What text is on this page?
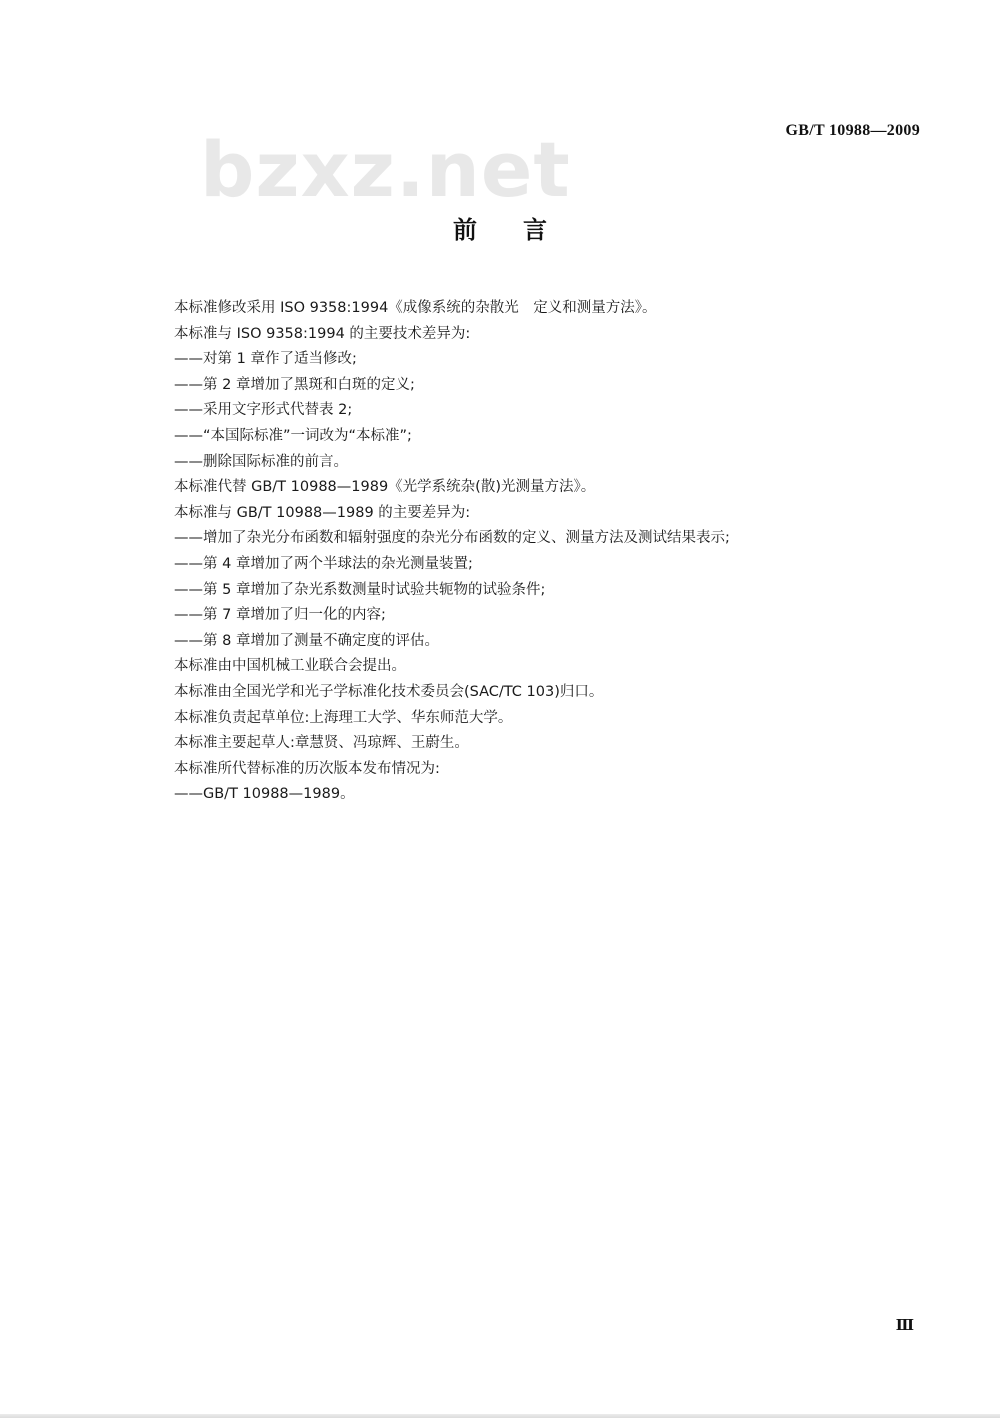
bzxz.net	GB/T 10988—2009
前言
本标准修改采用 ISO 9358:1994《成像系统的杂散光　定义和测量方法》。
本标准与 ISO 9358:1994 的主要技术差异为:
——对第 1 章作了适当修改;
——第 2 章增加了黑斑和白斑的定义;
——采用文字形式代替表 2;
——“本国际标准”一词改为“本标准”;
——删除国际标准的前言。
本标准代替 GB/T 10988—1989《光学系统杂(散)光测量方法》。
本标准与 GB/T 10988—1989 的主要差异为:
——增加了杂光分布函数和辐射强度的杂光分布函数的定义、测量方法及测试结果表示;
——第 4 章增加了两个半球法的杂光测量装置;
——第 5 章增加了杂光系数测量时试验共轭物的试验条件;
——第 7 章增加了归一化的内容;
——第 8 章增加了测量不确定度的评估。
本标准由中国机械工业联合会提出。
本标准由全国光学和光子学标准化技术委员会(SAC/TC 103)归口。
本标准负责起草单位:上海理工大学、华东师范大学。
本标准主要起草人:章慧贤、冯琼辉、王蔚生。
本标准所代替标准的历次版本发布情况为:
——GB/T 10988—1989。
Ⅲ
